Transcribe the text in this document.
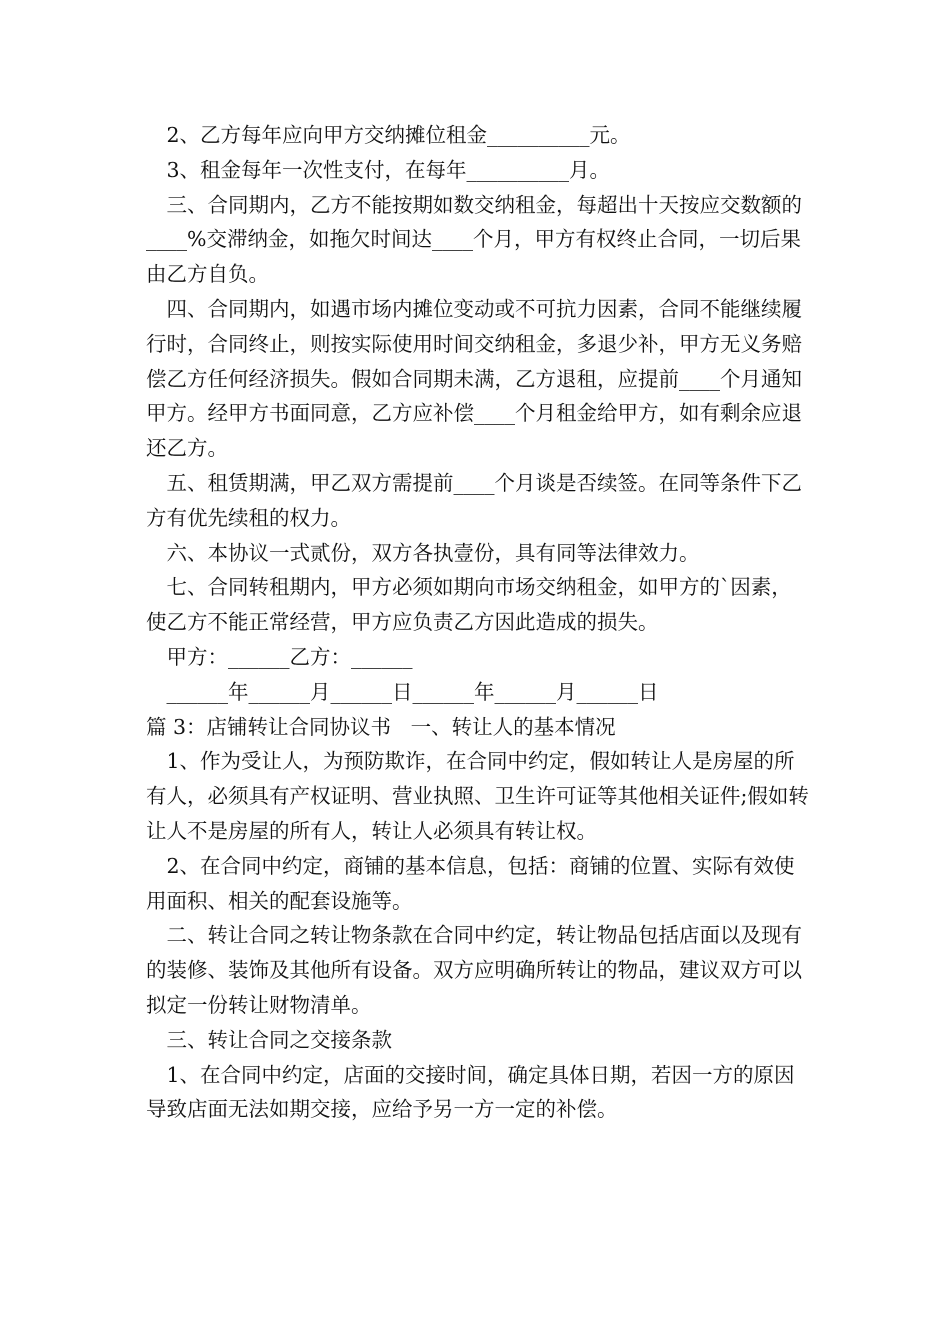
2、乙方每年应向甲方交纳摊位租金__________元。

3、租金每年一次性支付，在每年__________月。

三、合同期内，乙方不能按期如数交纳租金，每超出十天按应交数额的____%交滞纳金，如拖欠时间达____个月，甲方有权终止合同，一切后果由乙方自负。

四、合同期内，如遇市场内摊位变动或不可抗力因素，合同不能继续履行时，合同终止，则按实际使用时间交纳租金，多退少补，甲方无义务赔偿乙方任何经济损失。假如合同期未满，乙方退租，应提前____个月通知甲方。经甲方书面同意，乙方应补偿____个月租金给甲方，如有剩余应退还乙方。

五、租赁期满，甲乙双方需提前____个月谈是否续签。在同等条件下乙方有优先续租的权力。

六、本协议一式贰份，双方各执壹份，具有同等法律效力。

七、合同转租期内，甲方必须如期向市场交纳租金，如甲方的`因素，使乙方不能正常经营，甲方应负责乙方因此造成的损失。

甲方：______乙方：______

______年______月______日______年______月______日

篇 3：店铺转让合同协议书   一、转让人的基本情况

1、作为受让人，为预防欺诈，在合同中约定，假如转让人是房屋的所有人，必须具有产权证明、营业执照、卫生许可证等其他相关证件;假如转让人不是房屋的所有人，转让人必须具有转让权。

2、在合同中约定，商铺的基本信息，包括：商铺的位置、实际有效使用面积、相关的配套设施等。

二、转让合同之转让物条款在合同中约定，转让物品包括店面以及现有的装修、装饰及其他所有设备。双方应明确所转让的物品，建议双方可以拟定一份转让财物清单。

三、转让合同之交接条款

1、在合同中约定，店面的交接时间，确定具体日期，若因一方的原因导致店面无法如期交接，应给予另一方一定的补偿。
